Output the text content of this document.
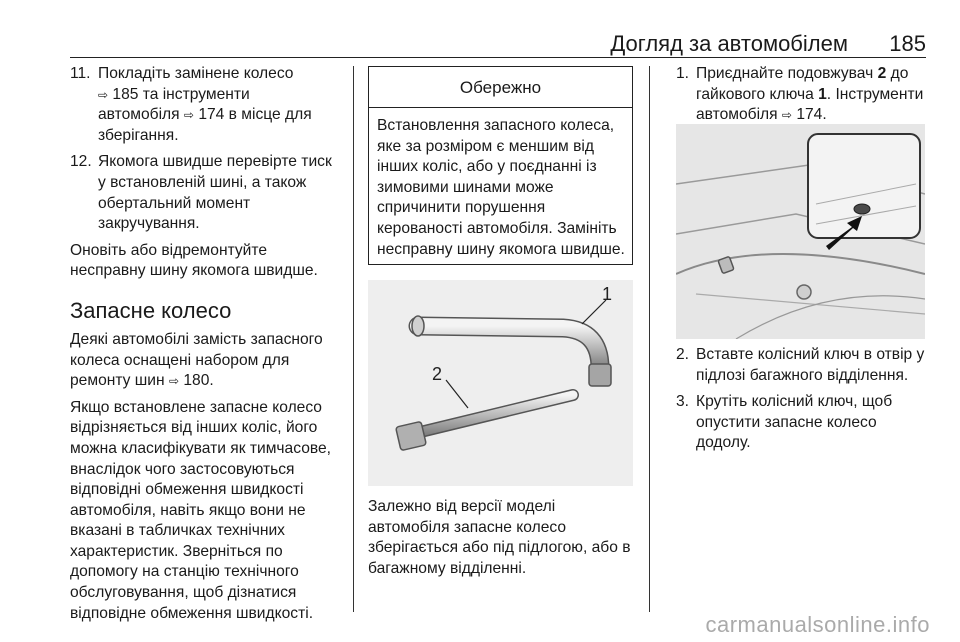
Догляд за автомобілем 185
11. Покладіть замінене колесо
⇨ 185 та інструменти
автомобіля ⇨ 174 в місце для
зберігання.
12. Якомога швидше перевірте тиск у встановленій шині, а також обертальний момент закручування.

Оновіть або відремонтуйте несправну шину якомога швидше.

Запасне колесо

Деякі автомобілі замість запасного колеса оснащені набором для ремонту шин ⇨ 180.

Якщо встановлене запасне колесо відрізняється від інших коліс, його можна класифікувати як тимчасове, внаслідок чого застосовуються відповідні обмеження швидкості автомобіля, навіть якщо вони не вказані в табличках технічних характеристик. Зверніться по допомогу на станцію технічного обслуговування, щоб дізнатися відповідне обмеження швидкості.

Обережно
Встановлення запасного колеса, яке за розміром є меншим від інших коліс, або у поєднанні із зимовими шинами може спричинити порушення керованості автомобіля. Замініть несправну шину якомога швидше.
1
2
Залежно від версії моделі автомобіля запасне колесо зберігається або під підлогою, або в багажному відділенні.
1. Приєднайте подовжувач 2 до гайкового ключа 1. Інструменти автомобіля ⇨ 174.
2. Вставте колісний ключ в отвір у підлозі багажного відділення.
3. Крутіть колісний ключ, щоб опустити запасне колесо додолу.
carmanualsonline.info
